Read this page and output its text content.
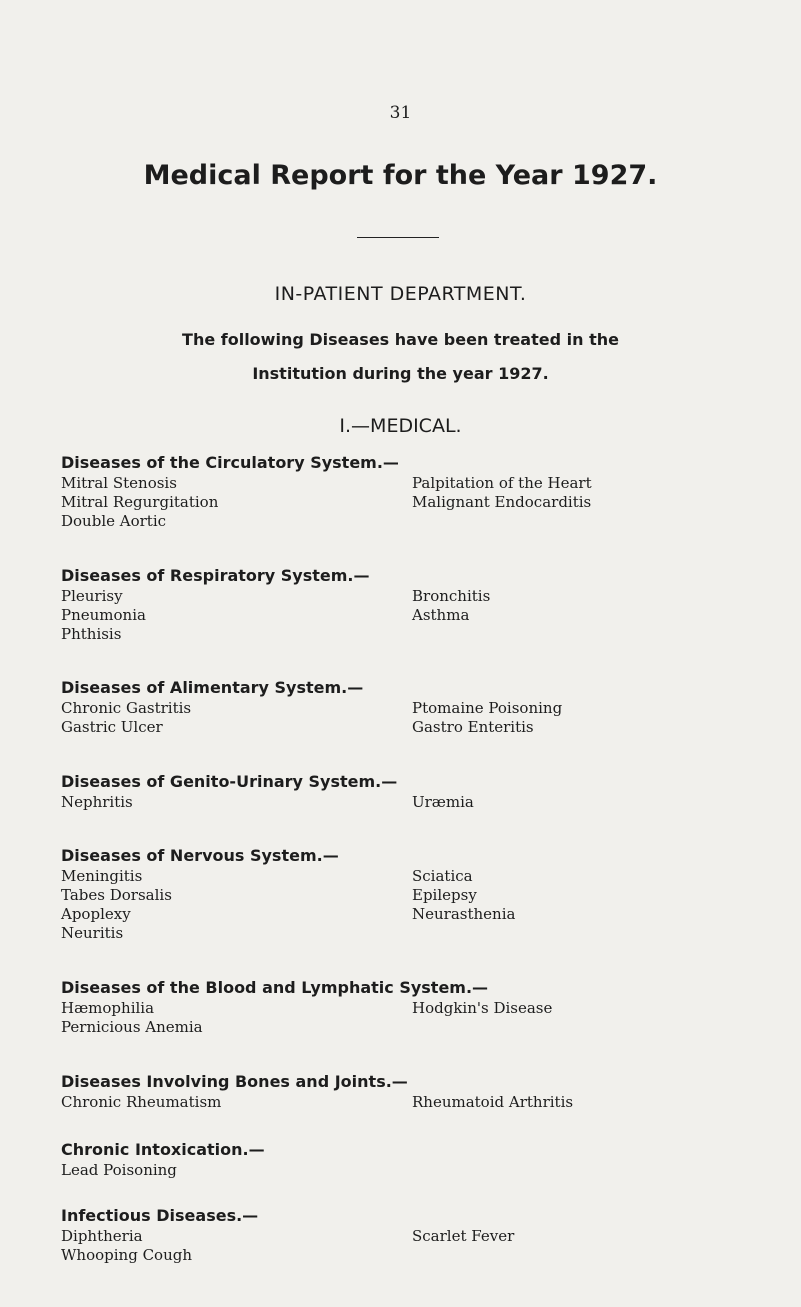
31
Medical Report for the Year 1927.
IN-PATIENT DEPARTMENT.
The following Diseases have been treated in the
Institution during the year 1927.
I.—MEDICAL.
Diseases of the Circulatory System.—
Mitral Stenosis
Mitral Regurgitation
Double Aortic
Palpitation of the Heart
Malignant Endocarditis
Diseases of Respiratory System.—
Pleurisy
Pneumonia
Phthisis
Bronchitis
Asthma
Diseases of Alimentary System.—
Chronic Gastritis
Gastric Ulcer
Ptomaine Poisoning
Gastro Enteritis
Diseases of Genito-Urinary System.—
Nephritis	Uræmia
Diseases of Nervous System.—
Meningitis
Tabes Dorsalis
Apoplexy
Neuritis
Sciatica
Epilepsy
Neurasthenia
Diseases of the Blood and Lymphatic System.—
Hæmophilia
Pernicious Anemia
Hodgkin's Disease
Diseases Involving Bones and Joints.—
Chronic Rheumatism	Rheumatoid Arthritis
Chronic Intoxication.—
Lead Poisoning
Infectious Diseases.—
Diphtheria
Whooping Cough
Scarlet Fever
